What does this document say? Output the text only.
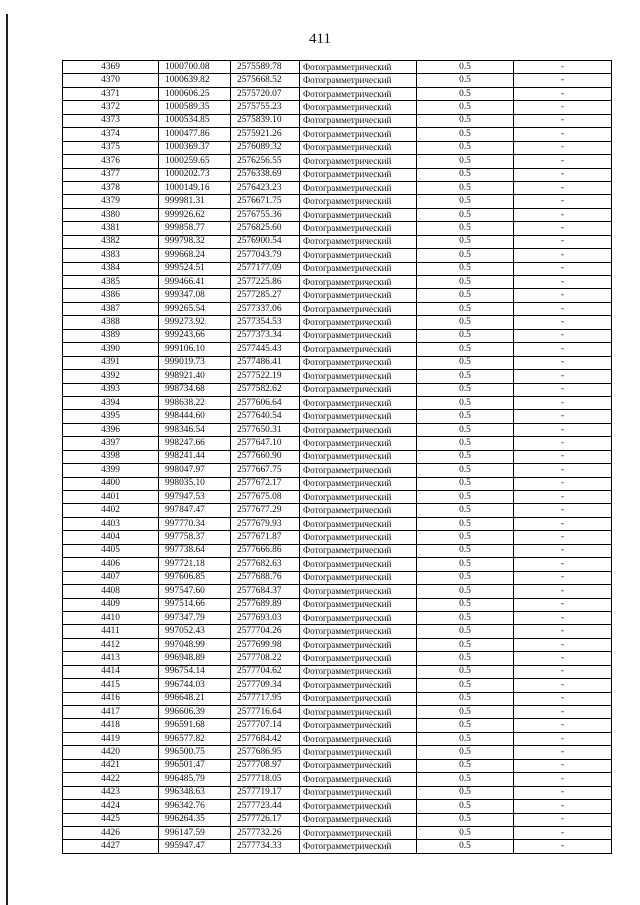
411
4369	1000700.08	2575589.78	Фотограмметрический	0.5	-
4370	1000639.82	2575668.52	Фотограмметрический	0.5	-
4371	1000606.25	2575720.07	Фотограмметрический	0.5	-
4372	1000589.35	2575755.23	Фотограмметрический	0.5	-
4373	1000534.85	2575839.10	Фотограмметрический	0.5	-
4374	1000477.86	2575921.26	Фотограмметрический	0.5	-
4375	1000369.37	2576089.32	Фотограмметрический	0.5	-
4376	1000259.65	2576256.55	Фотограмметрический	0.5	-
4377	1000202.73	2576338.69	Фотограмметрический	0.5	-
4378	1000149.16	2576423.23	Фотограмметрический	0.5	-
4379	999981.31	2576671.75	Фотограмметрический	0.5	-
4380	999926.62	2576755.36	Фотограмметрический	0.5	-
4381	999858.77	2576825.60	Фотограмметрический	0.5	-
4382	999798.32	2576900.54	Фотограмметрический	0.5	-
4383	999668.24	2577043.79	Фотограмметрический	0.5	-
4384	999524.51	2577177.09	Фотограмметрический	0.5	-
4385	999466.41	2577225.86	Фотограмметрический	0.5	-
4386	999347.08	2577285.27	Фотограмметрический	0.5	-
4387	999265.54	2577337.06	Фотограмметрический	0.5	-
4388	999273.92	2577354.53	Фотограмметрический	0.5	-
4389	999243.66	2577373.34	Фотограмметрический	0.5	-
4390	999106.10	2577445.43	Фотограмметрический	0.5	-
4391	999019.73	2577486.41	Фотограмметрический	0.5	-
4392	998921.40	2577522.19	Фотограмметрический	0.5	-
4393	998734.68	2577582.62	Фотограмметрический	0.5	-
4394	998638.22	2577606.64	Фотограмметрический	0.5	-
4395	998444.60	2577640.54	Фотограмметрический	0.5	-
4396	998346.54	2577650.31	Фотограмметрический	0.5	-
4397	998247.66	2577647.10	Фотограмметрический	0.5	-
4398	998241.44	2577660.90	Фотограмметрический	0.5	-
4399	998047.97	2577667.75	Фотограмметрический	0.5	-
4400	998035.10	2577672.17	Фотограмметрический	0.5	-
4401	997947.53	2577675.08	Фотограмметрический	0.5	-
4402	997847.47	2577677.29	Фотограмметрический	0.5	-
4403	997770.34	2577679.93	Фотограмметрический	0.5	-
4404	997758.37	2577671.87	Фотограмметрический	0.5	-
4405	997738.64	2577666.86	Фотограмметрический	0.5	-
4406	997721.18	2577682.63	Фотограмметрический	0.5	-
4407	997606.85	2577688.76	Фотограмметрический	0.5	-
4408	997547.60	2577684.37	Фотограмметрический	0.5	-
4409	997514.66	2577689.89	Фотограмметрический	0.5	-
4410	997347.79	2577693.03	Фотограмметрический	0.5	-
4411	997052.43	2577704.26	Фотограмметрический	0.5	-
4412	997048.99	2577699.98	Фотограмметрический	0.5	-
4413	996948.89	2577708.22	Фотограмметрический	0.5	-
4414	996754.14	2577704.62	Фотограмметрический	0.5	-
4415	996744.03	2577709.34	Фотограмметрический	0.5	-
4416	996648.21	2577717.95	Фотограмметрический	0.5	-
4417	996606.39	2577716.64	Фотограмметрический	0.5	-
4418	996591.68	2577707.14	Фотограмметрический	0.5	-
4419	996577.82	2577684.42	Фотограмметрический	0.5	-
4420	996500.75	2577686.95	Фотограмметрический	0.5	-
4421	996501.47	2577708.97	Фотограмметрический	0.5	-
4422	996485.79	2577718.05	Фотограмметрический	0.5	-
4423	996348.63	2577719.17	Фотограмметрический	0.5	-
4424	996342.76	2577723.44	Фотограмметрический	0.5	-
4425	996264.35	2577726.17	Фотограмметрический	0.5	-
4426	996147.59	2577732.26	Фотограмметрический	0.5	-
4427	995947.47	2577734.33	Фотограмметрический	0.5	-
